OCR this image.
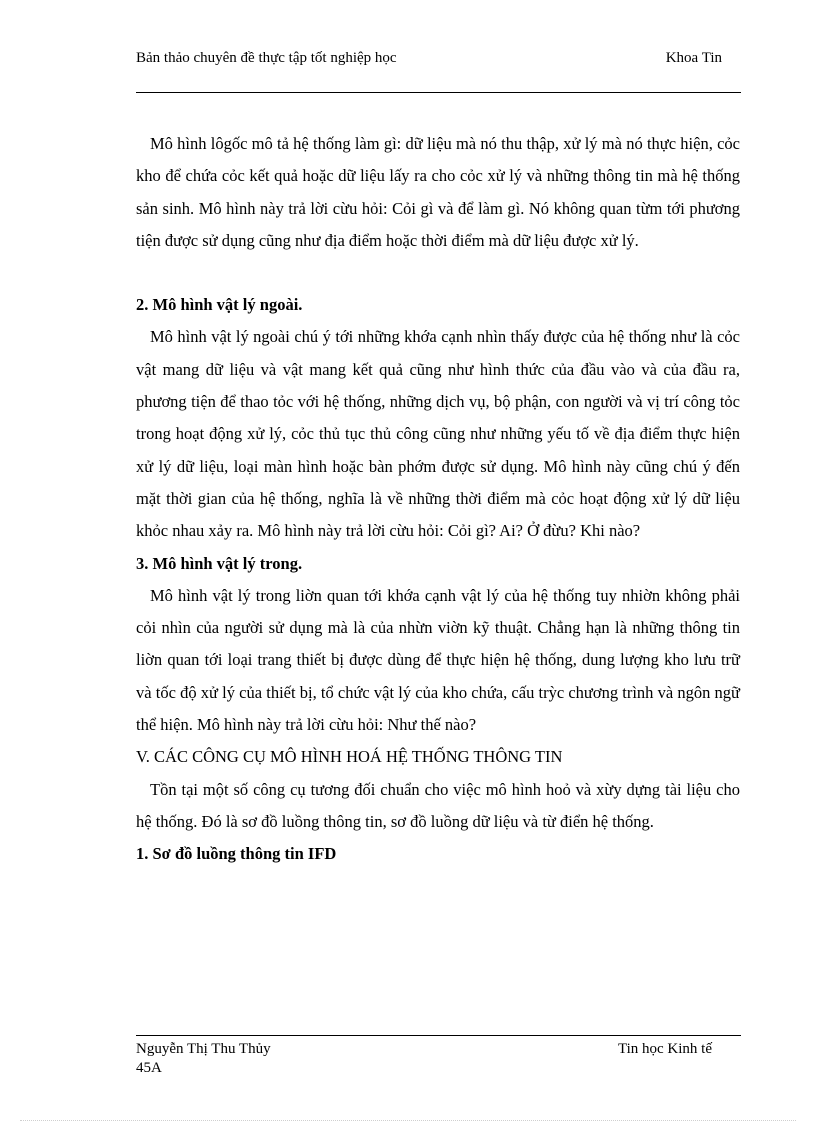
Bản thảo chuyên đề thực tập tốt nghiệp học	Khoa Tin

Mô hình lôgốc mô tả hệ thống làm gì: dữ liệu mà nó thu thập, xử lý mà nó thực hiện, cỏc kho để chứa cỏc kết quả hoặc dữ liệu lấy ra cho cỏc xử lý và những thông tin mà hệ thống sản sinh. Mô hình này trả lời cừu hỏi: Cỏi gì và để làm gì. Nó không quan từm tới phương tiện được sử dụng cũng như địa điểm hoặc thời điểm mà dữ liệu được xử lý.

2. Mô hình vật lý ngoài.

Mô hình vật lý ngoài chú ý tới những khớa cạnh nhìn thấy được của hệ thống như là cỏc vật mang dữ liệu và vật mang kết quả cũng như hình thức của đầu vào và của đầu ra, phương tiện để thao tỏc với hệ thống, những dịch vụ, bộ phận, con người và vị trí công tỏc trong hoạt động xử lý, cỏc thủ tục thủ công cũng như những yếu tố về địa điểm thực hiện xử lý dữ liệu, loại màn hình hoặc bàn phớm được sử dụng. Mô hình này cũng chú ý đến mặt thời gian của hệ thống, nghĩa là về những thời điểm mà cỏc hoạt động xử lý dữ liệu khỏc nhau xảy ra. Mô hình này trả lời cừu hỏi: Cỏi gì? Ai? Ở đừu? Khi nào?

3. Mô hình vật lý trong.

Mô hình vật lý trong liờn quan tới khớa cạnh vật lý của hệ thống tuy nhiờn không phải cỏi nhìn của người sử dụng mà là của nhừn viờn kỹ thuật. Chẳng hạn là những thông tin liờn quan tới loại trang thiết bị được dùng để thực hiện hệ thống, dung lượng kho lưu trữ và tốc độ xử lý của thiết bị, tổ chức vật lý của kho chứa, cấu trỳc chương trình và ngôn ngữ thể hiện. Mô hình này trả lời cừu hỏi: Như thế nào?

V. CÁC CÔNG CỤ MÔ HÌNH HOÁ HỆ THỐNG THÔNG TIN

Tồn tại một số công cụ tương đối chuẩn cho việc mô hình hoỏ và xừy dựng tài liệu cho hệ thống. Đó là sơ đồ luồng thông tin, sơ đồ luồng dữ liệu và từ điển hệ thống.

1. Sơ đồ luồng thông tin IFD

Nguyễn Thị Thu Thủy 45A
Tin học Kinh tế
